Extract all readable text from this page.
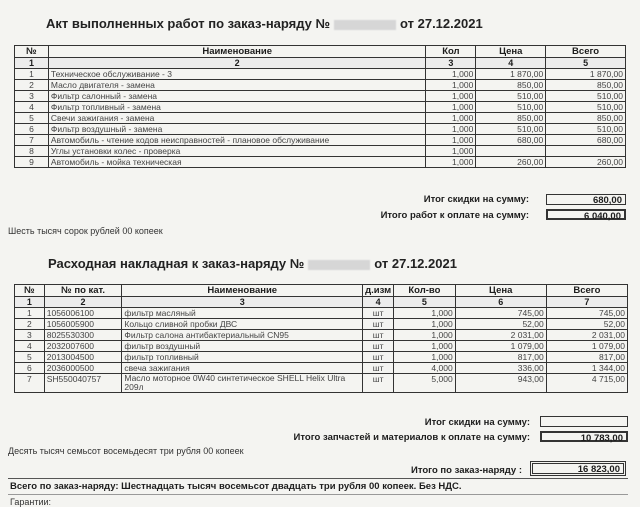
Акт выполненных работ по заказ-наряду №	от 27.12.2021
№	Наименование	Кол	Цена	Всего
1	2	3	4	5
1	Техническое обслуживание - 3	1,000	1 870,00	1 870,00
2	Масло двигателя - замена	1,000	850,00	850,00
3	Фильтр салонный - замена	1,000	510,00	510,00
4	Фильтр топливный - замена	1,000	510,00	510,00
5	Свечи зажигания - замена	1,000	850,00	850,00
6	Фильтр воздушный - замена	1,000	510,00	510,00
7	Автомобиль - чтение кодов неисправностей - плановое обслуживание	1,000	680,00	680,00
8	Углы установки колес - проверка	1,000		
9	Автомобиль - мойка техническая	1,000	260,00	260,00
Итог скидки на сумму:	680,00
Итого работ к оплате на сумму:	6 040,00
Шесть тысяч сорок рублей 00 копеек
Расходная накладная к заказ-наряду №	от 27.12.2021
№	№ по кат.	Наименование	д.изм	Кол-во	Цена	Всего
1	2	3	4	5	6	7
1	1056006100	фильтр масляный	шт	1,000	745,00	745,00
2	1056005900	Кольцо сливной пробки ДВС	шт	1,000	52,00	52,00
3	8025530300	Фильтр салона антибактериальный CN95	шт	1,000	2 031,00	2 031,00
4	2032007600	фильтр воздушный	шт	1,000	1 079,00	1 079,00
5	2013004500	фильтр топливный	шт	1,000	817,00	817,00
6	2036000500	свеча зажигания	шт	4,000	336,00	1 344,00
7	SH550040757	Масло моторное 0W40 синтетическое SHELL Helix Ultra 209л	шт	5,000	943,00	4 715,00
Итог скидки на сумму:
Итого запчастей и материалов к оплате на сумму:	10 783,00
Десять тысяч семьсот восемьдесят три рубля 00 копеек
Итого по заказ-наряду :	16 823,00
Всего по заказ-наряду: Шестнадцать тысяч восемьсот двадцать три рубля 00 копеек. Без НДС.
Гарантии:
